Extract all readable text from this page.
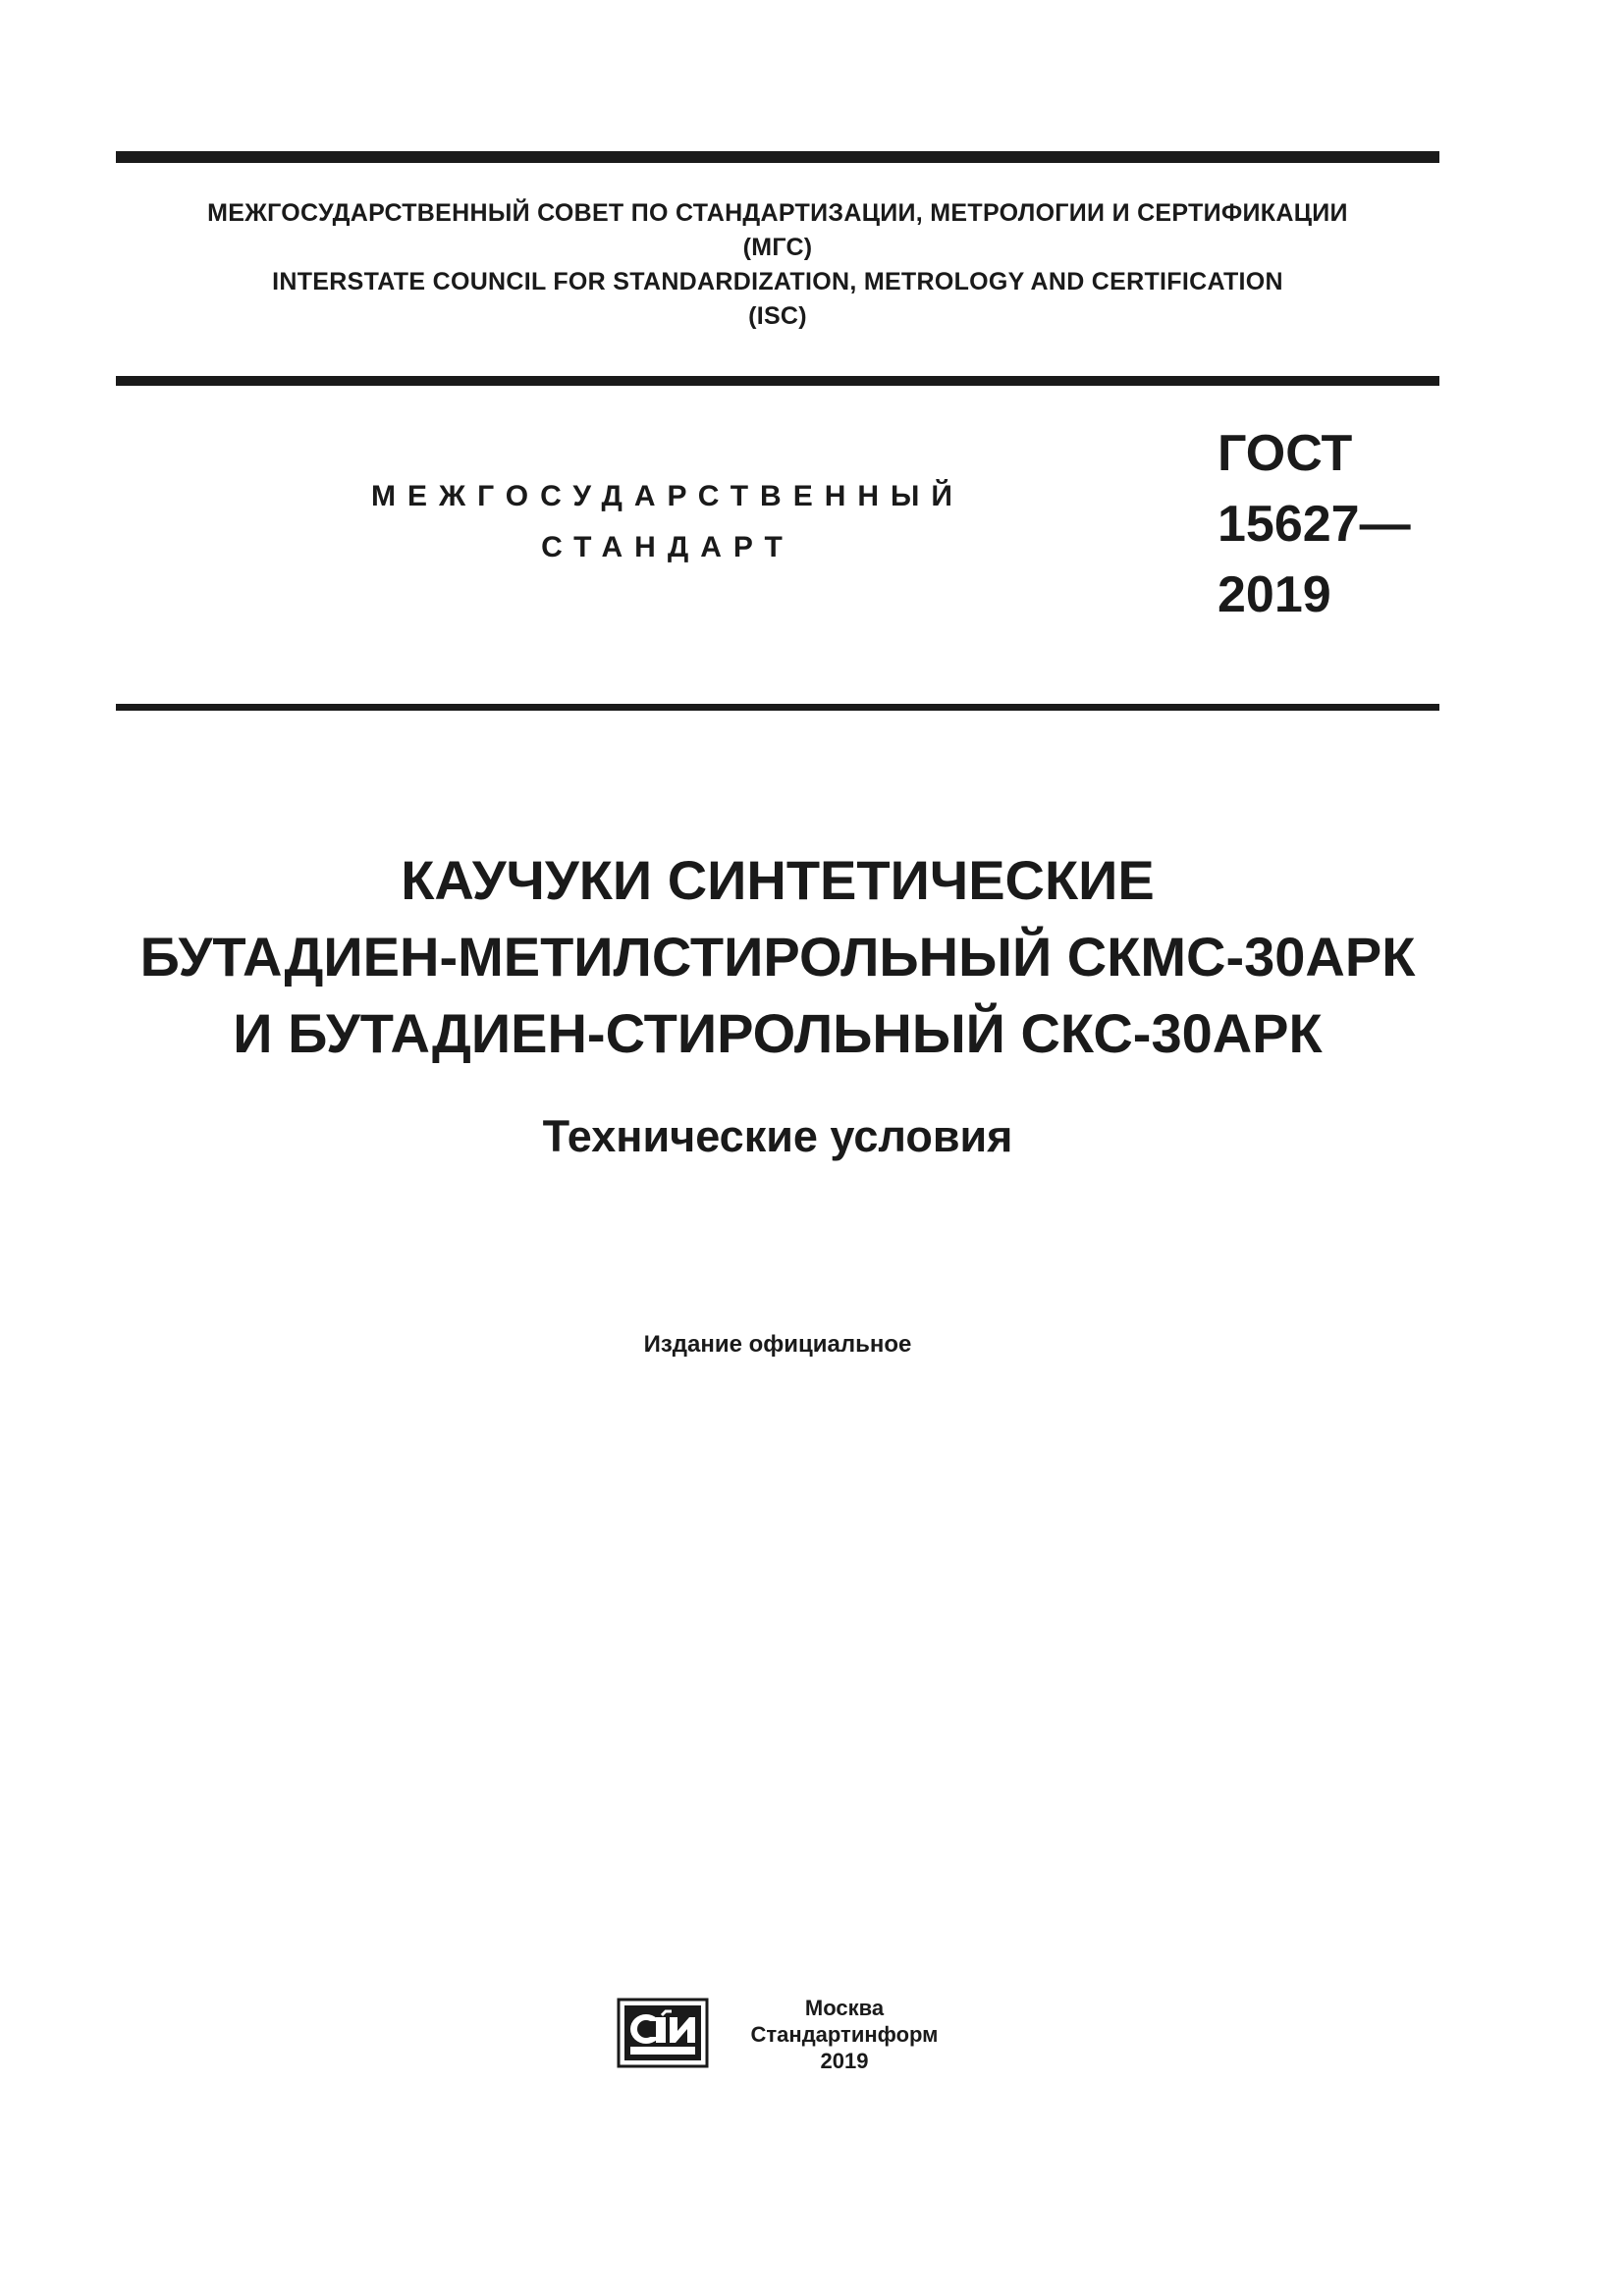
МЕЖГОСУДАРСТВЕННЫЙ СОВЕТ ПО СТАНДАРТИЗАЦИИ, МЕТРОЛОГИИ И СЕРТИФИКАЦИИ
(МГС)
INTERSTATE COUNCIL FOR STANDARDIZATION, METROLOGY AND CERTIFICATION
(ISC)
МЕЖГОСУДАРСТВЕННЫЙ
СТАНДАРТ
ГОСТ
15627—
2019
КАУЧУКИ СИНТЕТИЧЕСКИЕ
БУТАДИЕН-МЕТИЛСТИРОЛЬНЫЙ СКМС-30АРК
И БУТАДИЕН-СТИРОЛЬНЫЙ СКС-30АРК
Технические условия
Издание официальное
Москва
Стандартинформ
2019
